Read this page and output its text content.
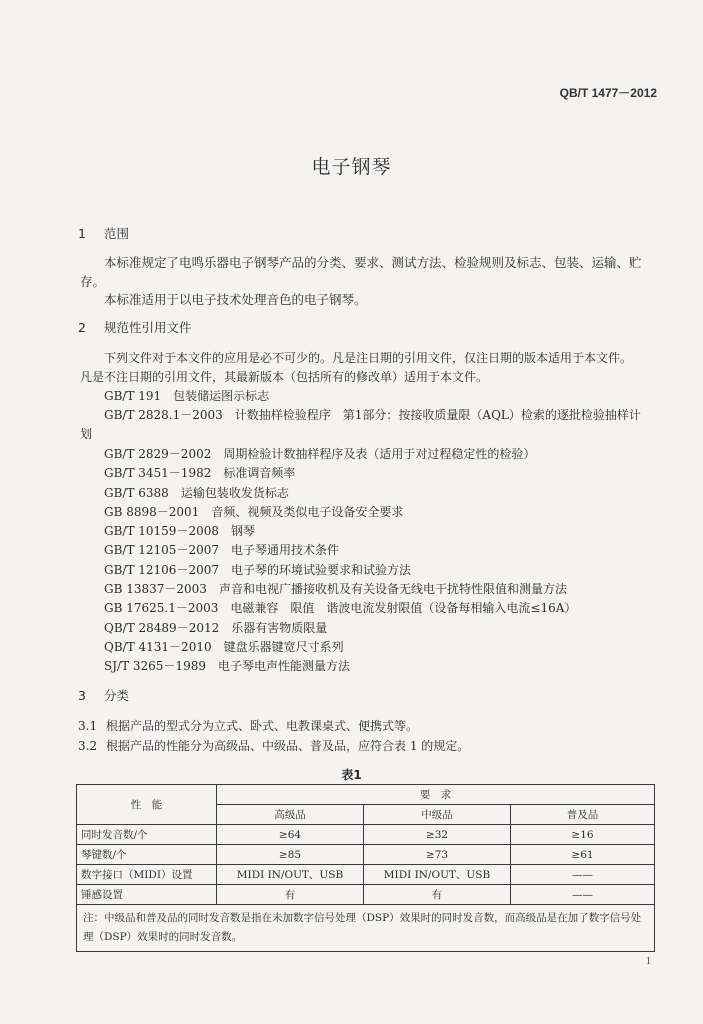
QB/T 1477－2012
电子钢琴
1 范围
本标准规定了电鸣乐器电子钢琴产品的分类、要求、测试方法、检验规则及标志、包装、运输、贮
存。
本标准适用于以电子技术处理音色的电子钢琴。
2 规范性引用文件
下列文件对于本文件的应用是必不可少的。凡是注日期的引用文件，仅注日期的版本适用于本文件。
凡是不注日期的引用文件，其最新版本（包括所有的修改单）适用于本文件。
GB/T 191 包装储运图示标志
GB/T 2828.1－2003 计数抽样检验程序　第1部分：按接收质量限（AQL）检索的逐批检验抽样计
划
GB/T 2829－2002 周期检验计数抽样程序及表（适用于对过程稳定性的检验）
GB/T 3451－1982 标准调音频率
GB/T 6388 运输包装收发货标志
GB 8898－2001 音频、视频及类似电子设备安全要求
GB/T 10159－2008 钢琴
GB/T 12105－2007 电子琴通用技术条件
GB/T 12106－2007 电子琴的环境试验要求和试验方法
GB 13837－2003 声音和电视广播接收机及有关设备无线电干扰特性限值和测量方法
GB 17625.1－2003 电磁兼容　限值　谐波电流发射限值（设备每相输入电流≤16A）
QB/T 28489－2012 乐器有害物质限量
QB/T 4131－2010 键盘乐器键宽尺寸系列
SJ/T 3265－1989 电子琴电声性能测量方法
3 分类
3.1 根据产品的型式分为立式、卧式、电教课桌式、便携式等。
3.2 根据产品的性能分为高级品、中级品、普及品，应符合表 1 的规定。
表1
性　能	要　求		
	高级品	中级品	普及品
同时发音数/个	≥64	≥32	≥16
琴键数/个	≥85	≥73	≥61
数字接口（MIDI）设置	MIDI IN/OUT、USB	MIDI IN/OUT、USB	——
锤感设置	有	有	——
注：中级品和普及品的同时发音数是指在未加数字信号处理（DSP）效果时的同时发音数，而高级品是在加了数字信号处理（DSP）效果时的同时发音数。			
1
